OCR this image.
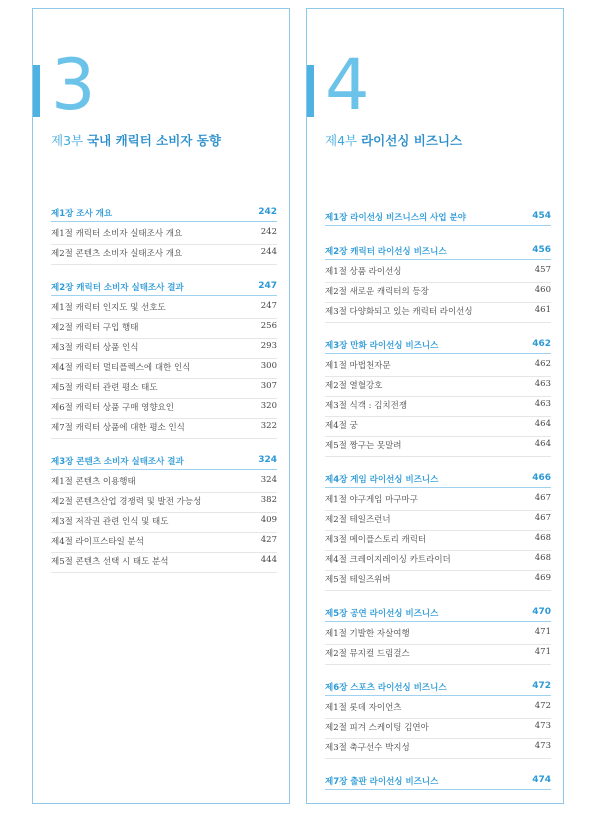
3
제3부 국내 캐릭터 소비자 동향
제1장 조사 개요	242
제1절 캐릭터 소비자 실태조사 개요	242
제2절 콘텐츠 소비자 실태조사 개요	244
제2장 캐릭터 소비자 실태조사 결과	247
제1절 캐릭터 인지도 및 선호도	247
제2절 캐릭터 구입 행태	256
제3절 캐릭터 상품 인식	293
제4절 캐릭터 멀티플렉스에 대한 인식	300
제5절 캐릭터 관련 평소 태도	307
제6절 캐릭터 상품 구매 영향요인	320
제7절 캐릭터 상품에 대한 평소 인식	322
제3장 콘텐츠 소비자 실태조사 결과	324
제1절 콘텐츠 이용행태	324
제2절 콘텐츠산업 경쟁력 및 발전 가능성	382
제3절 저작권 관련 인식 및 태도	409
제4절 라이프스타일 분석	427
제5절 콘텐츠 선택 시 태도 분석	444
4
제4부 라이선싱 비즈니스
제1장 라이선싱 비즈니스의 사업 분야	454
제2장 캐릭터 라이선싱 비즈니스	456
제1절 상품 라이선싱	457
제2절 새로운 캐릭터의 등장	460
제3절 다양화되고 있는 캐릭터 라이선싱	461
제3장 만화 라이선싱 비즈니스	462
제1절 마법천자문	462
제2절 열혈강호	463
제3절 식객 : 김치전쟁	463
제4절 궁	464
제5절 짱구는 못말려	464
제4장 게임 라이선싱 비즈니스	466
제1절 야구게임 마구마구	467
제2절 테일즈런너	467
제3절 메이플스토리 캐릭터	468
제4절 크레이지레이싱 카트라이더	468
제5절 테일즈위버	469
제5장 공연 라이선싱 비즈니스	470
제1절 기발한 자살여행	471
제2절 뮤지컬 드림걸스	471
제6장 스포츠 라이선싱 비즈니스	472
제1절 롯데 자이언츠	472
제2절 피겨 스케이팅 김연아	473
제3절 축구선수 박지성	473
제7장 출판 라이선싱 비즈니스	474
